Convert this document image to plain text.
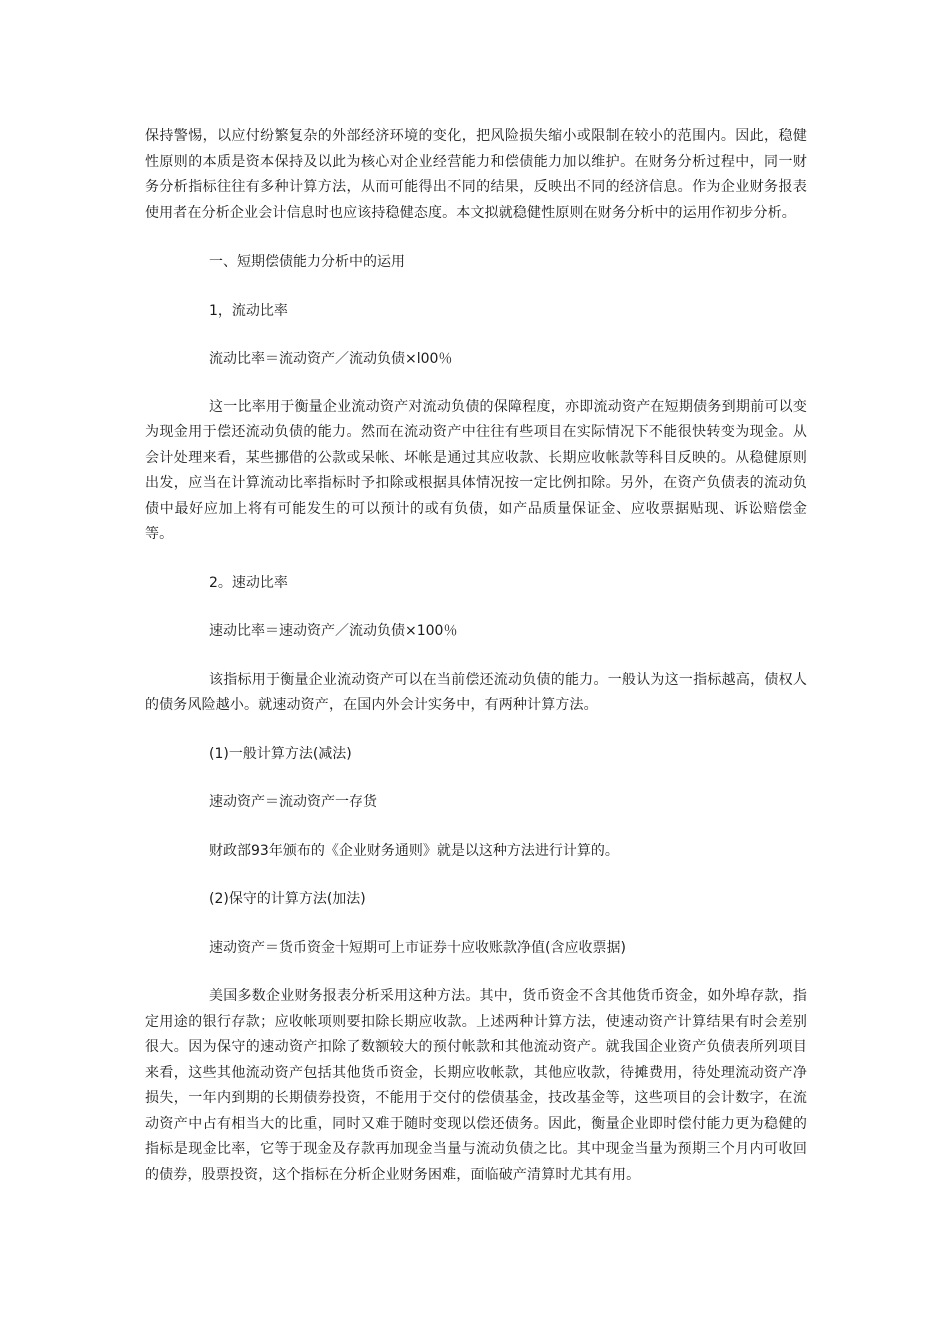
保持警惕，以应付纷繁复杂的外部经济环境的变化，把风险损失缩小或限制在较小的范围内。因此，稳健性原则的本质是资本保持及以此为核心对企业经营能力和偿债能力加以维护。在财务分析过程中，同一财务分析指标往往有多种计算方法，从而可能得出不同的结果，反映出不同的经济信息。作为企业财务报表使用者在分析企业会计信息时也应该持稳健态度。本文拟就稳健性原则在财务分析中的运用作初步分析。

一、短期偿债能力分析中的运用

1，流动比率

流动比率＝流动资产／流动负债×l00％

这一比率用于衡量企业流动资产对流动负债的保障程度，亦即流动资产在短期债务到期前可以变为现金用于偿还流动负债的能力。然而在流动资产中往往有些项目在实际情况下不能很快转变为现金。从会计处理来看，某些挪借的公款或呆帐、坏帐是通过其应收款、长期应收帐款等科目反映的。从稳健原则出发，应当在计算流动比率指标时予扣除或根据具体情况按一定比例扣除。另外，在资产负债表的流动负债中最好应加上将有可能发生的可以预计的或有负债，如产品质量保证金、应收票据贴现、诉讼赔偿金等。

2。速动比率

速动比率＝速动资产／流动负债×100％

该指标用于衡量企业流动资产可以在当前偿还流动负债的能力。一般认为这一指标越高，债权人的债务风险越小。就速动资产，在国内外会计实务中，有两种计算方法。

(1)一般计算方法(减法)

速动资产＝流动资产一存货

财政部93年颁布的《企业财务通则》就是以这种方法进行计算的。

(2)保守的计算方法(加法)

速动资产＝货币资金十短期可上市证券十应收账款净值(含应收票据)

美国多数企业财务报表分析采用这种方法。其中，货币资金不含其他货币资金，如外埠存款，指定用途的银行存款；应收帐项则要扣除长期应收款。上述两种计算方法，使速动资产计算结果有时会差别很大。因为保守的速动资产扣除了数额较大的预付帐款和其他流动资产。就我国企业资产负债表所列项目来看，这些其他流动资产包括其他货币资金，长期应收帐款，其他应收款，待摊费用，待处理流动资产净损失，一年内到期的长期债券投资，不能用于交付的偿债基金，技改基金等，这些项目的会计数字，在流动资产中占有相当大的比重，同时又难于随时变现以偿还债务。因此，衡量企业即时偿付能力更为稳健的指标是现金比率，它等于现金及存款再加现金当量与流动负债之比。其中现金当量为预期三个月内可收回的债券，股票投资，这个指标在分析企业财务困难，面临破产清算时尤其有用。
